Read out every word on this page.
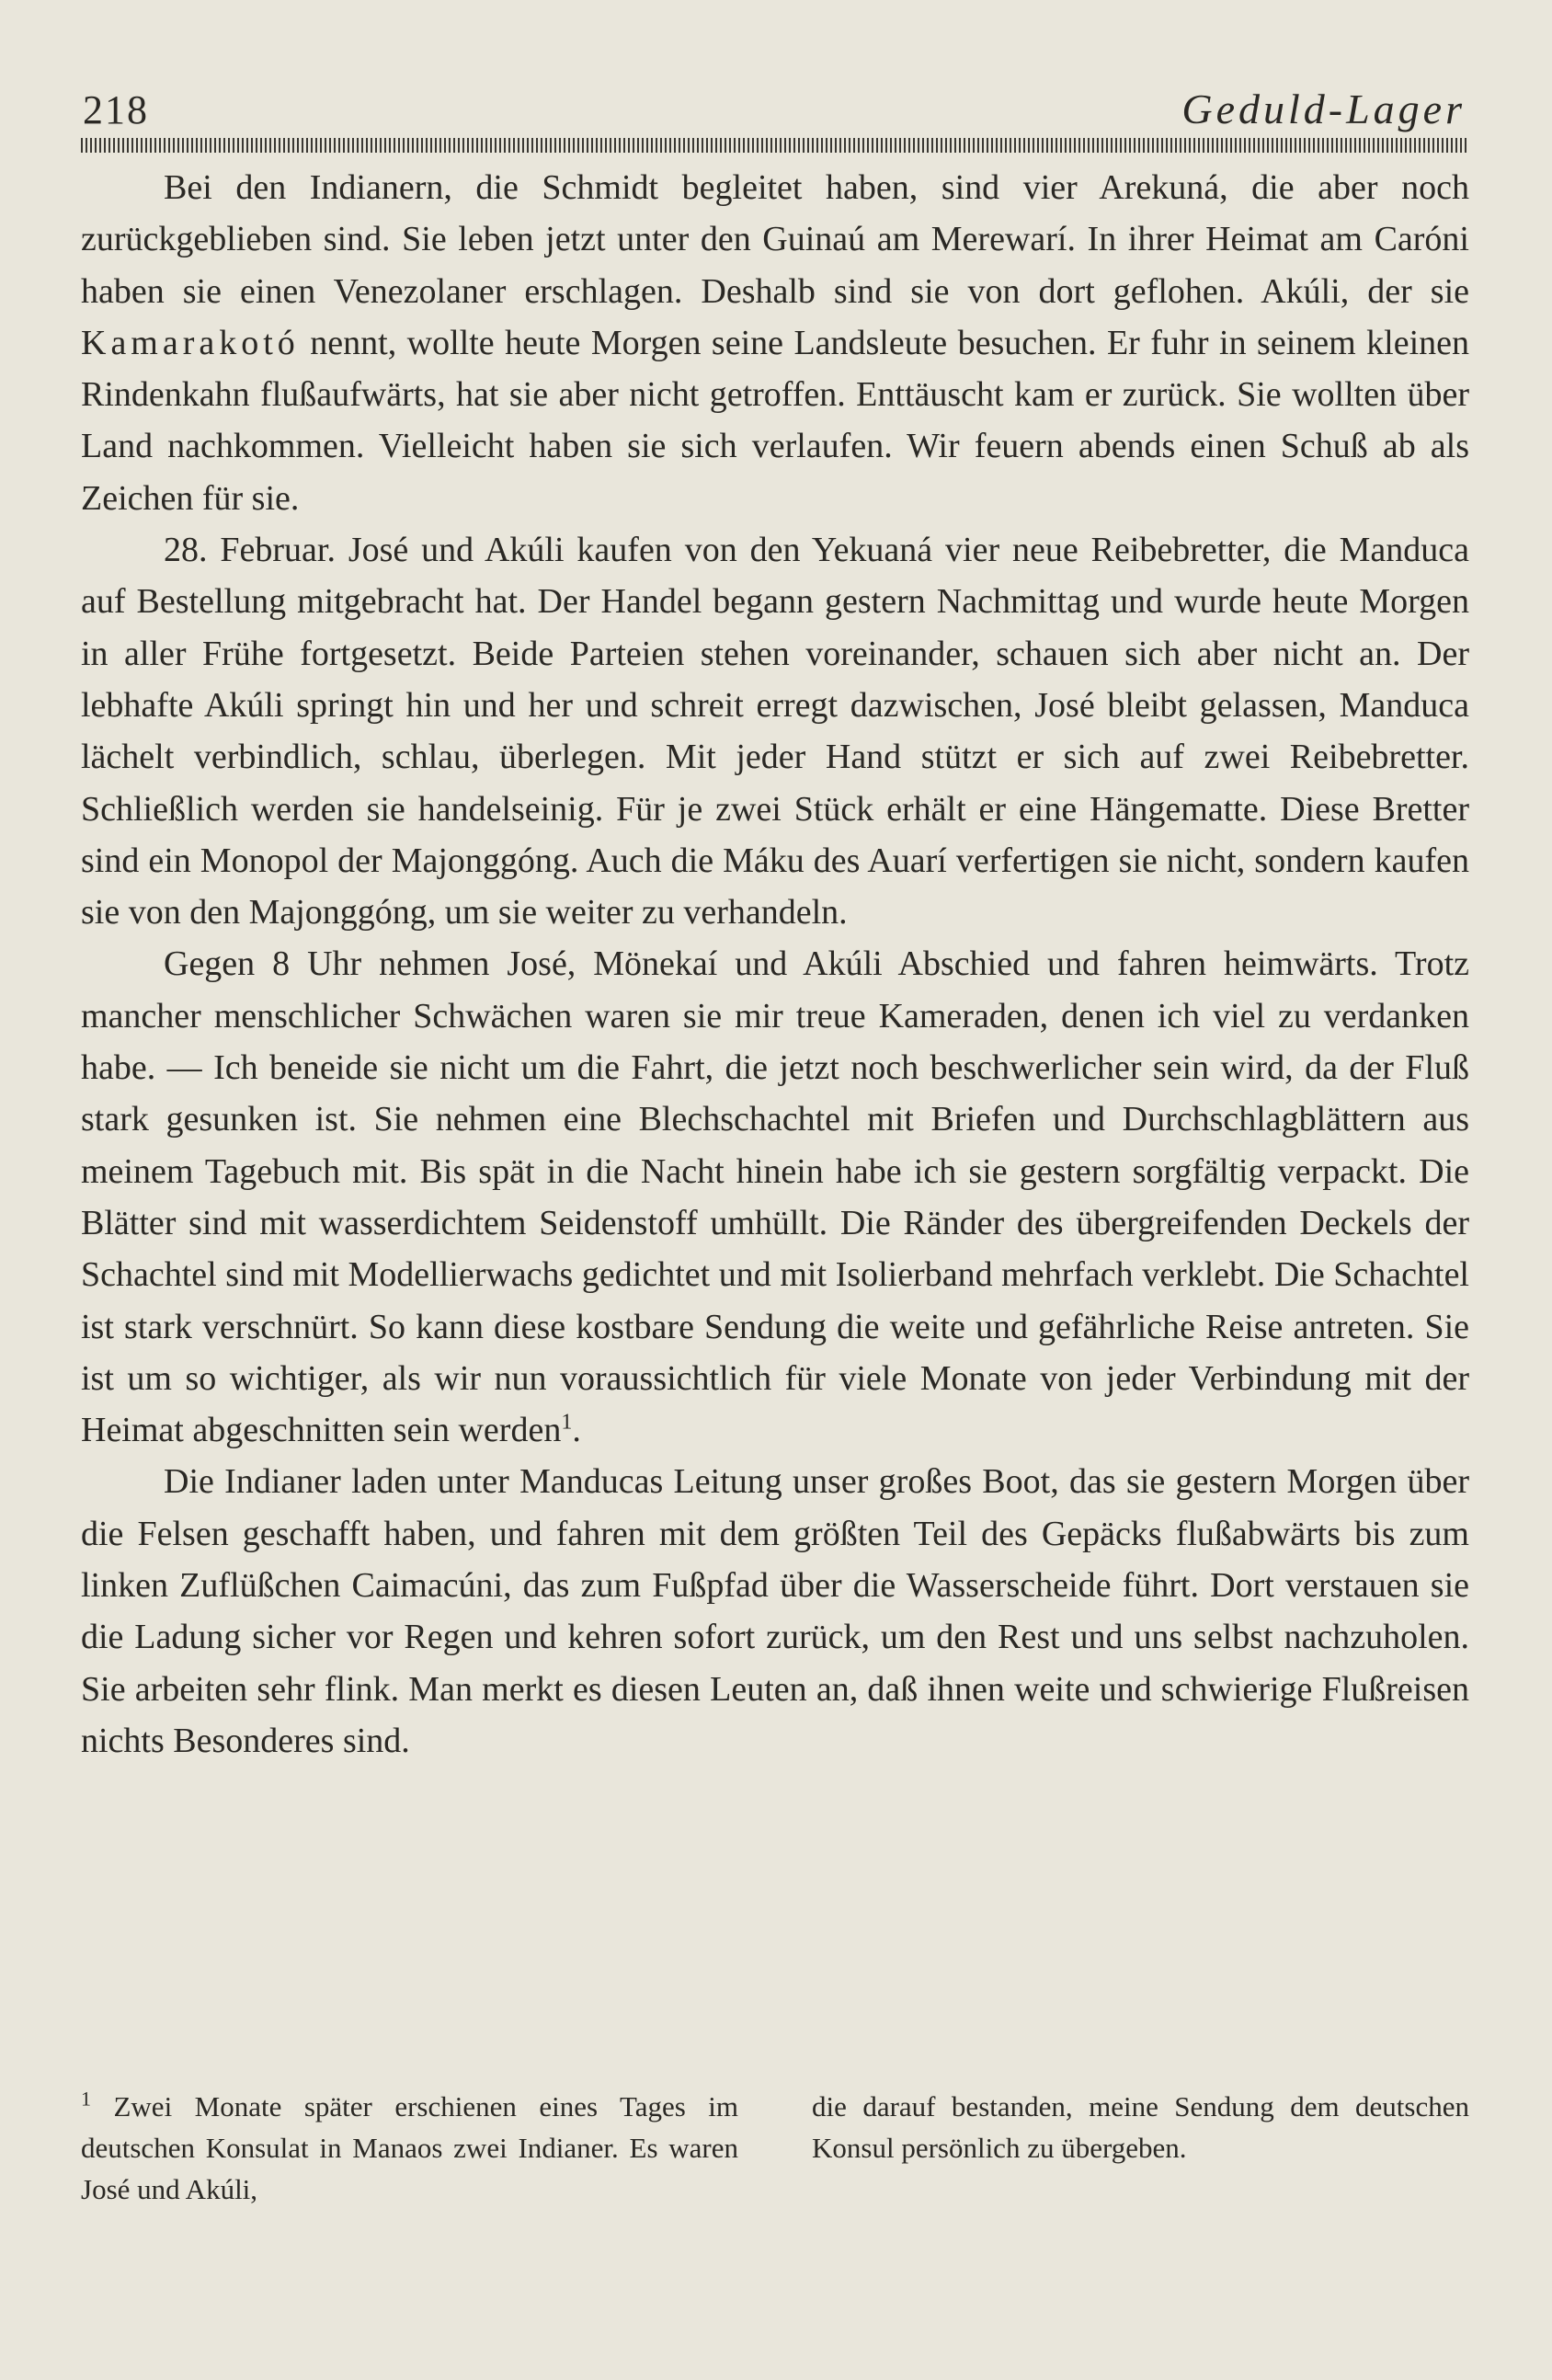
218	Geduld-Lager

Bei den Indianern, die Schmidt begleitet haben, sind vier Arekuná, die aber noch zurückgeblieben sind. Sie leben jetzt unter den Guinaú am Merewarí. In ihrer Heimat am Caróni haben sie einen Venezolaner erschlagen. Deshalb sind sie von dort geflohen. Akúli, der sie Kamarakotó nennt, wollte heute Morgen seine Landsleute besuchen. Er fuhr in seinem kleinen Rindenkahn flußaufwärts, hat sie aber nicht getroffen. Enttäuscht kam er zurück. Sie wollten über Land nachkommen. Vielleicht haben sie sich verlaufen. Wir feuern abends einen Schuß ab als Zeichen für sie.

28. Februar. José und Akúli kaufen von den Yekuaná vier neue Reibebretter, die Manduca auf Bestellung mitgebracht hat. Der Handel begann gestern Nachmittag und wurde heute Morgen in aller Frühe fortgesetzt. Beide Parteien stehen voreinander, schauen sich aber nicht an. Der lebhafte Akúli springt hin und her und schreit erregt dazwischen, José bleibt gelassen, Manduca lächelt verbindlich, schlau, überlegen. Mit jeder Hand stützt er sich auf zwei Reibebretter. Schließlich werden sie handelseinig. Für je zwei Stück erhält er eine Hängematte. Diese Bretter sind ein Monopol der Majonggóng. Auch die Máku des Auarí verfertigen sie nicht, sondern kaufen sie von den Majonggóng, um sie weiter zu verhandeln.

Gegen 8 Uhr nehmen José, Mönekaí und Akúli Abschied und fahren heimwärts. Trotz mancher menschlicher Schwächen waren sie mir treue Kameraden, denen ich viel zu verdanken habe. — Ich beneide sie nicht um die Fahrt, die jetzt noch beschwerlicher sein wird, da der Fluß stark gesunken ist. Sie nehmen eine Blechschachtel mit Briefen und Durchschlagblättern aus meinem Tagebuch mit. Bis spät in die Nacht hinein habe ich sie gestern sorgfältig verpackt. Die Blätter sind mit wasserdichtem Seidenstoff umhüllt. Die Ränder des übergreifenden Deckels der Schachtel sind mit Modellierwachs gedichtet und mit Isolierband mehrfach verklebt. Die Schachtel ist stark verschnürt. So kann diese kostbare Sendung die weite und gefährliche Reise antreten. Sie ist um so wichtiger, als wir nun voraussichtlich für viele Monate von jeder Verbindung mit der Heimat abgeschnitten sein werden$^1$.

Die Indianer laden unter Manducas Leitung unser großes Boot, das sie gestern Morgen über die Felsen geschafft haben, und fahren mit dem größten Teil des Gepäcks flußabwärts bis zum linken Zuflüßchen Caimacúni, das zum Fußpfad über die Wasserscheide führt. Dort verstauen sie die Ladung sicher vor Regen und kehren sofort zurück, um den Rest und uns selbst nachzuholen. Sie arbeiten sehr flink. Man merkt es diesen Leuten an, daß ihnen weite und schwierige Flußreisen nichts Besonderes sind.

$^1$ Zwei Monate später erschienen eines Tages im deutschen Konsulat in Manaos zwei Indianer. Es waren José und Akúli,
die darauf bestanden, meine Sendung dem deutschen Konsul persönlich zu übergeben.
